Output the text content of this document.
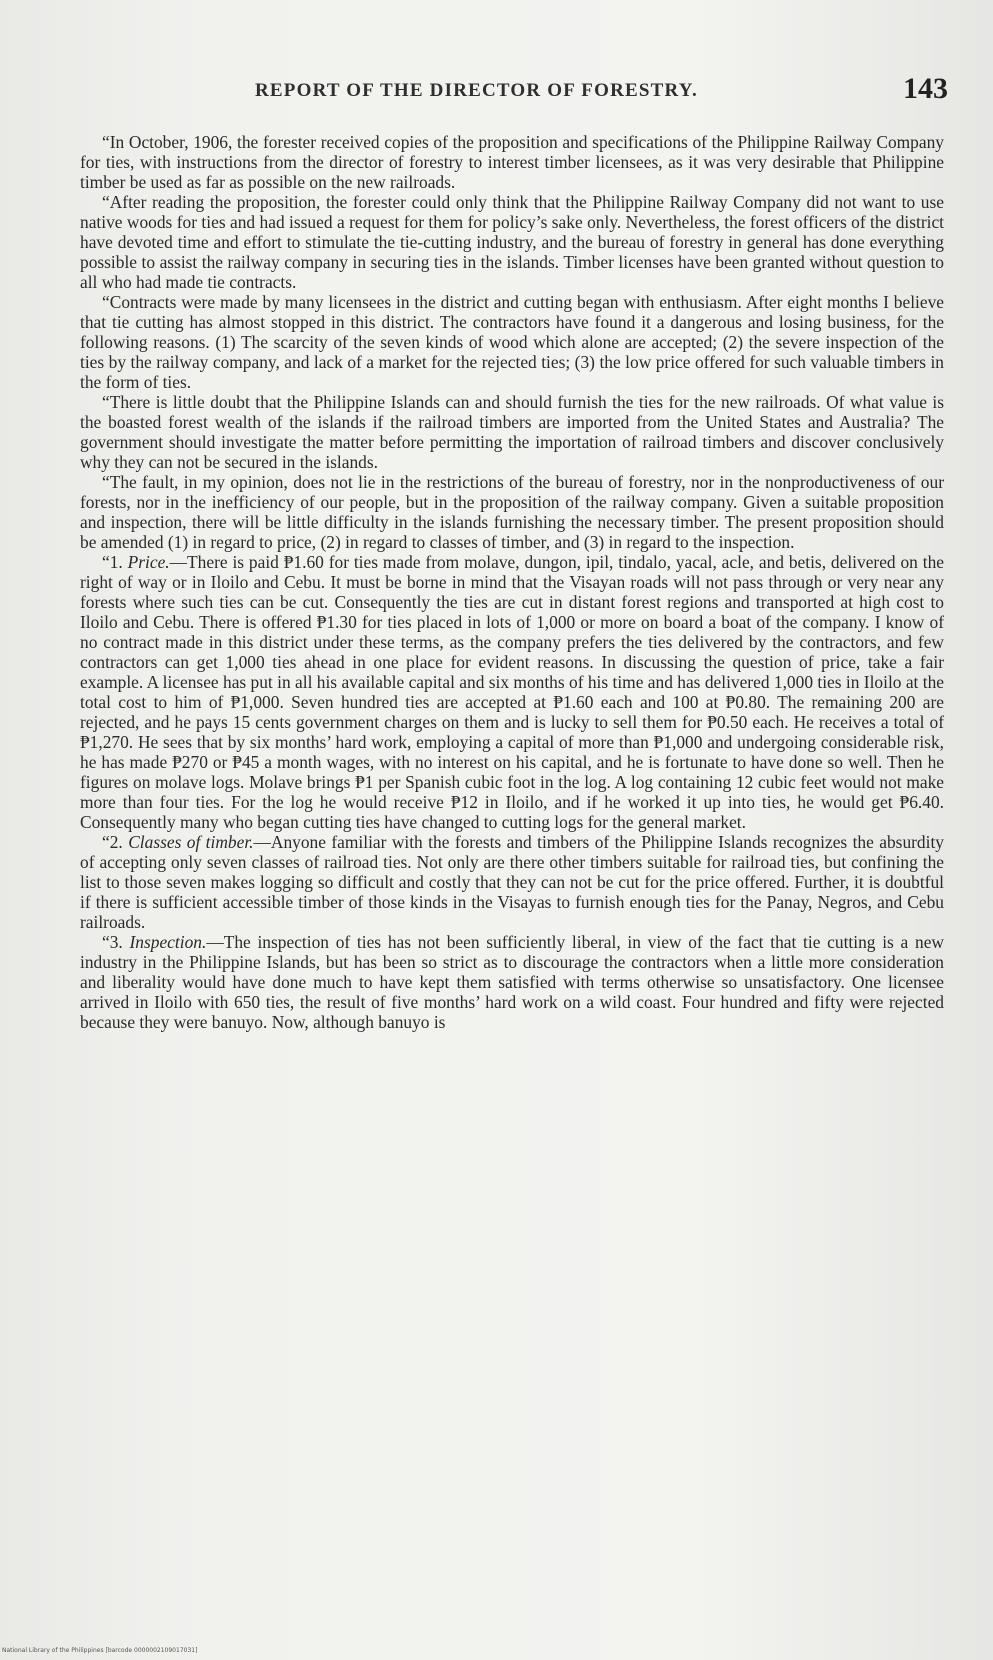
REPORT OF THE DIRECTOR OF FORESTRY.	143

“In October, 1906, the forester received copies of the proposition and specifications of the Philippine Railway Company for ties, with instructions from the director of forestry to interest timber licensees, as it was very desirable that Philippine timber be used as far as possible on the new railroads.

“After reading the proposition, the forester could only think that the Philippine Railway Company did not want to use native woods for ties and had issued a request for them for policy’s sake only. Nevertheless, the forest officers of the district have devoted time and effort to stimulate the tie-cutting industry, and the bureau of forestry in general has done everything possible to assist the railway company in securing ties in the islands. Timber licenses have been granted without question to all who had made tie contracts.

“Contracts were made by many licensees in the district and cutting began with enthusiasm. After eight months I believe that tie cutting has almost stopped in this district. The contractors have found it a dangerous and losing business, for the following reasons. (1) The scarcity of the seven kinds of wood which alone are accepted; (2) the severe inspection of the ties by the railway company, and lack of a market for the rejected ties; (3) the low price offered for such valuable timbers in the form of ties.

“There is little doubt that the Philippine Islands can and should furnish the ties for the new railroads. Of what value is the boasted forest wealth of the islands if the railroad timbers are imported from the United States and Australia? The government should investigate the matter before permitting the importation of railroad timbers and discover conclusively why they can not be secured in the islands.

“The fault, in my opinion, does not lie in the restrictions of the bureau of forestry, nor in the nonproductiveness of our forests, nor in the inefficiency of our people, but in the proposition of the railway company. Given a suitable proposition and inspection, there will be little difficulty in the islands furnishing the necessary timber. The present proposition should be amended (1) in regard to price, (2) in regard to classes of timber, and (3) in regard to the inspection.

“1. Price.—There is paid ₱1.60 for ties made from molave, dungon, ipil, tindalo, yacal, acle, and betis, delivered on the right of way or in Iloilo and Cebu. It must be borne in mind that the Visayan roads will not pass through or very near any forests where such ties can be cut. Consequently the ties are cut in distant forest regions and transported at high cost to Iloilo and Cebu. There is offered ₱1.30 for ties placed in lots of 1,000 or more on board a boat of the company. I know of no contract made in this district under these terms, as the company prefers the ties delivered by the contractors, and few contractors can get 1,000 ties ahead in one place for evident reasons. In discussing the question of price, take a fair example. A licensee has put in all his available capital and six months of his time and has delivered 1,000 ties in Iloilo at the total cost to him of ₱1,000. Seven hundred ties are accepted at ₱1.60 each and 100 at ₱0.80. The remaining 200 are rejected, and he pays 15 cents government charges on them and is lucky to sell them for ₱0.50 each. He receives a total of ₱1,270. He sees that by six months’ hard work, employing a capital of more than ₱1,000 and undergoing considerable risk, he has made ₱270 or ₱45 a month wages, with no interest on his capital, and he is fortunate to have done so well. Then he figures on molave logs. Molave brings ₱1 per Spanish cubic foot in the log. A log containing 12 cubic feet would not make more than four ties. For the log he would receive ₱12 in Iloilo, and if he worked it up into ties, he would get ₱6.40. Consequently many who began cutting ties have changed to cutting logs for the general market.

“2. Classes of timber.—Anyone familiar with the forests and timbers of the Philippine Islands recognizes the absurdity of accepting only seven classes of railroad ties. Not only are there other timbers suitable for railroad ties, but confining the list to those seven makes logging so difficult and costly that they can not be cut for the price offered. Further, it is doubtful if there is sufficient accessible timber of those kinds in the Visayas to furnish enough ties for the Panay, Negros, and Cebu railroads.

“3. Inspection.—The inspection of ties has not been sufficiently liberal, in view of the fact that tie cutting is a new industry in the Philippine Islands, but has been so strict as to discourage the contractors when a little more consideration and liberality would have done much to have kept them satisfied with terms otherwise so unsatisfactory. One licensee arrived in Iloilo with 650 ties, the result of five months’ hard work on a wild coast. Four hundred and fifty were rejected because they were banuyo. Now, although banuyo is

National Library of the Philippines [barcode 0000002109017031]
